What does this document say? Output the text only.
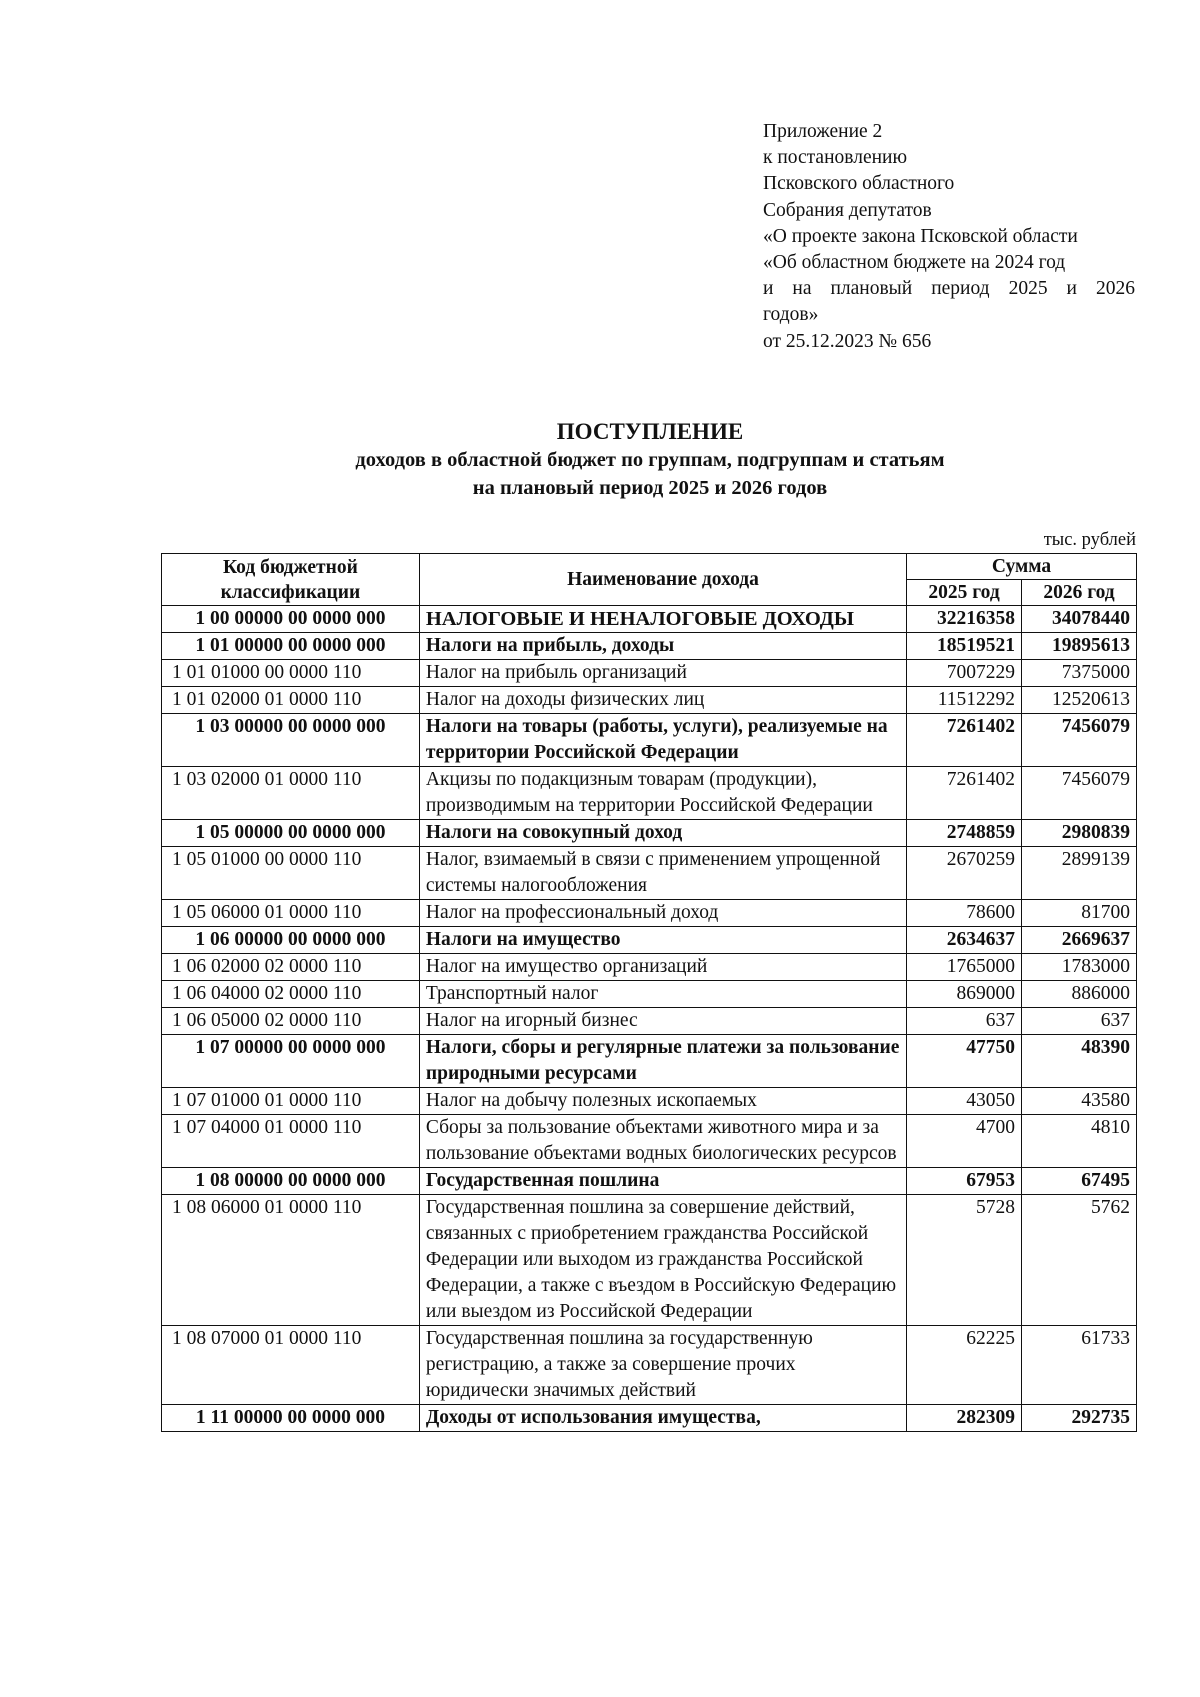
Приложение 2
к постановлению
Псковского областного
Собрания депутатов
«О проекте закона Псковской области
«Об областном бюджете на 2024 год
и на плановый период 2025 и 2026
годов»
от 25.12.2023 № 656
ПОСТУПЛЕНИЕ
доходов в областной бюджет по группам, подгруппам и статьям
на плановый период 2025 и 2026 годов
тыс. рублей
Код бюджетной классификации	Наименование дохода	Сумма	
		2025 год	2026 год
1 00 00000 00 0000 000	НАЛОГОВЫЕ И НЕНАЛОГОВЫЕ ДОХОДЫ	32216358	34078440
1 01 00000 00 0000 000	Налоги на прибыль, доходы	18519521	19895613
1 01 01000 00 0000 110	Налог на прибыль организаций	7007229	7375000
1 01 02000 01 0000 110	Налог на доходы физических лиц	11512292	12520613
1 03 00000 00 0000 000	Налоги на товары (работы, услуги), реализуемые на территории Российской Федерации	7261402	7456079
1 03 02000 01 0000 110	Акцизы по подакцизным товарам (продукции), производимым на территории Российской Федерации	7261402	7456079
1 05 00000 00 0000 000	Налоги на совокупный доход	2748859	2980839
1 05 01000 00 0000 110	Налог, взимаемый в связи с применением упрощенной системы налогообложения	2670259	2899139
1 05 06000 01 0000 110	Налог на профессиональный доход	78600	81700
1 06 00000 00 0000 000	Налоги на имущество	2634637	2669637
1 06 02000 02 0000 110	Налог на имущество организаций	1765000	1783000
1 06 04000 02 0000 110	Транспортный налог	869000	886000
1 06 05000 02 0000 110	Налог на игорный бизнес	637	637
1 07 00000 00 0000 000	Налоги, сборы и регулярные платежи за пользование природными ресурсами	47750	48390
1 07 01000 01 0000 110	Налог на добычу полезных ископаемых	43050	43580
1 07 04000 01 0000 110	Сборы за пользование объектами животного мира и за пользование объектами водных биологических ресурсов	4700	4810
1 08 00000 00 0000 000	Государственная пошлина	67953	67495
1 08 06000 01 0000 110	Государственная пошлина за совершение действий, связанных с приобретением гражданства Российской Федерации или выходом из гражданства Российской Федерации, а также с въездом в Российскую Федерацию или выездом из Российской Федерации	5728	5762
1 08 07000 01 0000 110	Государственная пошлина за государственную регистрацию, а также за совершение прочих юридически значимых действий	62225	61733
1 11 00000 00 0000 000	Доходы от использования имущества,	282309	292735
